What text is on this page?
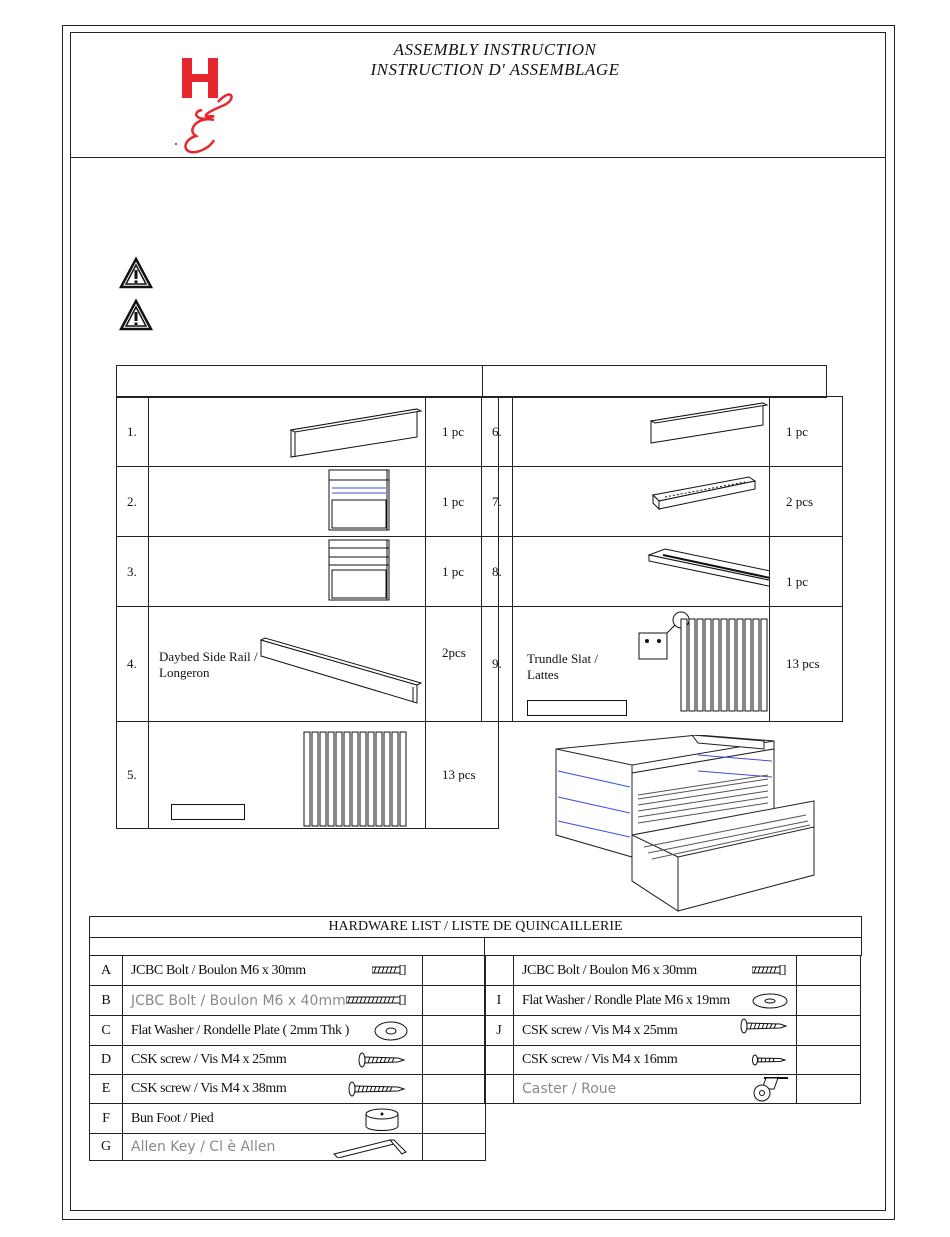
ASSEMBLY INSTRUCTION
INSTRUCTION D' ASSEMBLAGE
1.		1 pc
2.		1 pc
3.		1 pc
4.	Daybed Side Rail /
Longeron	2pcs
5.		13 pcs
6.		1 pc
7.		2 pcs
8.		1 pc
9.	Trundle Slat /
Lattes	13 pcs
HARDWARE LIST / LISTE DE QUINCAILLERIE
A	JCBC Bolt / Boulon M6 x 30mm

B	JCBC Bolt / Boulon M6 x 40mm

C	Flat Washer / Rondelle Plate ( 2mm Thk )

D	CSK screw / Vis M4 x 25mm

E	CSK screw / Vis M4 x 38mm

F	Bun Foot / Pied

G	Allen Key / Cl è Allen

	JCBC Bolt / Boulon M6 x 30mm

I	Flat Washer / Rondle Plate M6 x 19mm

J	CSK screw / Vis M4 x 25mm

	CSK screw / Vis M4 x 16mm

	Caster / Roue
